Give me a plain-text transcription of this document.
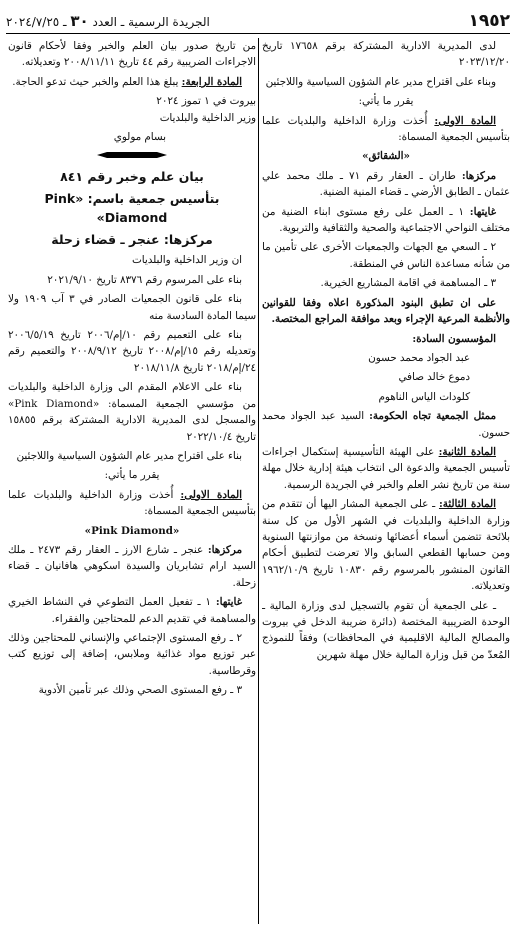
١٩٥٢
الجريدة الرسمية ـ العدد ٣٠ ـ ٢٠٢٤/٧/٢٥

لدى المديرية الادارية المشتركة برقم ١٧٦٥٨ تاريخ ٢٠٢٣/١٢/٢٠

وبناء على اقتراح مدير عام الشؤون السياسية واللاجئين

يقرر ما يأتي:

المادة الاولى: أُخذت وزارة الداخلية والبلديات علما بتأسيس الجمعية المسماة:

«الشقائق»

مركزها: طاران ـ العقار رقم ٧١ ـ ملك محمد علي عثمان ـ الطابق الأرضي ـ قضاء المنية الضنية.

غايتها: ١ ـ العمل على رفع مستوى ابناء الضنية من مختلف النواحي الاجتماعية والصحية والثقافية والتربوية.

٢ ـ السعي مع الجهات والجمعيات الأخرى على تأمين ما من شأنه مساعدة الناس في المنطقة.

٣ ـ المساهمة في اقامة المشاريع الخيرية.

على ان تطبق البنود المذكورة اعلاه وفقا للقوانين والأنظمة المرعية الإجراء وبعد موافقة المراجع المختصة.

المؤسسون السادة:

عبد الجواد محمد حسون

دموع خالد صافي

كلودات الياس الناهوم

ممثل الجمعية تجاه الحكومة: السيد عبد الجواد محمد حسون.

المادة الثانية: على الهيئة التأسيسية إستكمال اجراءات تأسيس الجمعية والدعوة الى انتخاب هيئة إدارية خلال مهلة سنة من تاريخ نشر العلم والخبر في الجريدة الرسمية.

المادة الثالثة: ـ على الجمعية المشار اليها أن تتقدم من وزارة الداخلية والبلديات في الشهر الأول من كل سنة بلائحة تتضمن أسماء أعضائها ونسخة من موازنتها السنوية ومن حسابها القطعي السابق والا تعرضت لتطبيق أحكام القانون المنشور بالمرسوم رقم ١٠٨٣٠ تاريخ ١٩٦٢/١٠/٩ وتعديلاته.

ـ على الجمعية أن تقوم بالتسجيل لدى وزارة المالية ـ الوحدة الضريبية المختصة (دائرة ضريبة الدخل في بيروت والمصالح المالية الاقليمية في المحافظات) وفقاً للنموذج المُعدّ من قبل وزارة المالية خلال مهلة شهرين

من تاريخ صدور بيان العلم والخبر وفقا لأحكام قانون الاجراءات الضريبية رقم ٤٤ تاريخ ٢٠٠٨/١١/١١ وتعديلاته.

المادة الرابعة: يبلغ هذا العلم والخبر حيث تدعو الحاجة.

بيروت في ١ تموز ٢٠٢٤

وزير الداخلية والبلديات

بسام مولوي

بيان علم وخبر رقم ٨٤١

بتأسيس جمعية باسم: «Pink Diamond»

مركزها: عنجر ـ قضاء زحلة

ان وزير الداخلية والبلديات

بناء على المرسوم رقم ٨٣٧٦ تاريخ ٢٠٢١/٩/١٠

بناء على قانون الجمعيات الصادر في ٣ آب ١٩٠٩ ولا سيما المادة السادسة منه

بناء على التعميم رقم ١٠/إم/٢٠٠٦ تاريخ ٢٠٠٦/٥/١٩ وتعديله رقم ١٥/إم/٢٠٠٨ تاريخ ٢٠٠٨/٩/١٢ والتعميم رقم ٢٤/إم/٢٠١٨ تاريخ ٢٠١٨/١١/٨

بناء على الاعلام المقدم الى وزارة الداخلية والبلديات من مؤسسي الجمعية المسماة: «Pink Diamond» والمسجل لدى المديرية الادارية المشتركة برقم ١٥٨٥٥ تاريخ ٢٠٢٢/١٠/٤

بناء على اقتراح مدير عام الشؤون السياسية واللاجئين

يقرر ما يأتي:

المادة الاولى: أُخذت وزارة الداخلية والبلديات علما بتأسيس الجمعية المسماة:

«Pink Diamond»

مركزها: عنجر ـ شارع الارز ـ العقار رقم ٢٤٧٣ ـ ملك السيد ارام تشابريان والسيدة اسكوهي هافانيان ـ قضاء زحلة.

غايتها: ١ ـ تفعيل العمل التطوعي في النشاط الخيري والمساهمة في تقديم الدعم للمحتاجين والفقراء.

٢ ـ رفع المستوى الإجتماعي والإنساني للمحتاجين وذلك عبر توزيع مواد غذائية وملابس، إضافة إلى توزيع كتب وقرطاسية.

٣ ـ رفع المستوى الصحي وذلك عبر تأمين الأدوية
